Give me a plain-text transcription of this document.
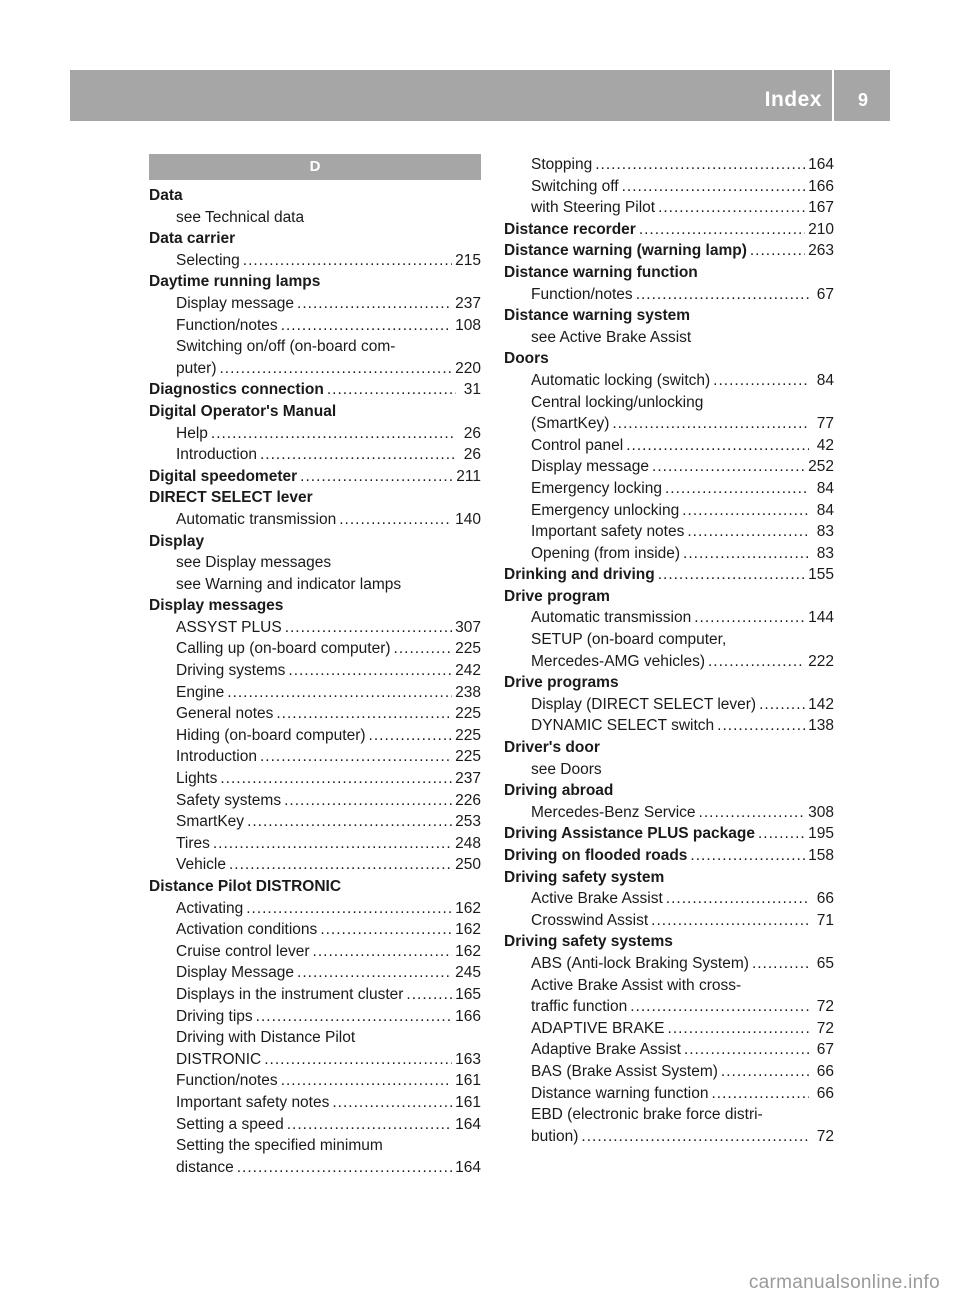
Index 9
D
Data
see Technical data
Data carrier
Selecting .....	215
Daytime running lamps
Display message .....	237
Function/notes .....	108
Switching on/off (on-board com-
puter) .....	220
Diagnostics connection .....	31
Digital Operator's Manual
Help .....	26
Introduction .....	26
Digital speedometer .....	211
DIRECT SELECT lever
Automatic transmission .....	140
Display
see Display messages
see Warning and indicator lamps
Display messages
ASSYST PLUS .....	307
Calling up (on-board computer) .....	225
Driving systems .....	242
Engine .....	238
General notes .....	225
Hiding (on-board computer) .....	225
Introduction .....	225
Lights .....	237
Safety systems .....	226
SmartKey .....	253
Tires .....	248
Vehicle .....	250
Distance Pilot DISTRONIC
Activating .....	162
Activation conditions .....	162
Cruise control lever .....	162
Display Message .....	245
Displays in the instrument cluster .....	165
Driving tips .....	166
Driving with Distance Pilot
DISTRONIC .....	163
Function/notes .....	161
Important safety notes .....	161
Setting a speed .....	164
Setting the specified minimum
distance .....	164
Stopping .....	164
Switching off .....	166
with Steering Pilot .....	167
Distance recorder .....	210
Distance warning (warning lamp) .....	263
Distance warning function
Function/notes .....	67
Distance warning system
see Active Brake Assist
Doors
Automatic locking (switch) .....	84
Central locking/unlocking
(SmartKey) .....	77
Control panel .....	42
Display message .....	252
Emergency locking .....	84
Emergency unlocking .....	84
Important safety notes .....	83
Opening (from inside) .....	83
Drinking and driving .....	155
Drive program
Automatic transmission .....	144
SETUP (on-board computer,
Mercedes-AMG vehicles) .....	222
Drive programs
Display (DIRECT SELECT lever) .....	142
DYNAMIC SELECT switch .....	138
Driver's door
see Doors
Driving abroad
Mercedes-Benz Service .....	308
Driving Assistance PLUS package .....	195
Driving on flooded roads .....	158
Driving safety system
Active Brake Assist .....	66
Crosswind Assist .....	71
Driving safety systems
ABS (Anti-lock Braking System) .....	65
Active Brake Assist with cross-
traffic function .....	72
ADAPTIVE BRAKE .....	72
Adaptive Brake Assist .....	67
BAS (Brake Assist System) .....	66
Distance warning function .....	66
EBD (electronic brake force distri-
bution) .....	72
carmanualsonline.info
